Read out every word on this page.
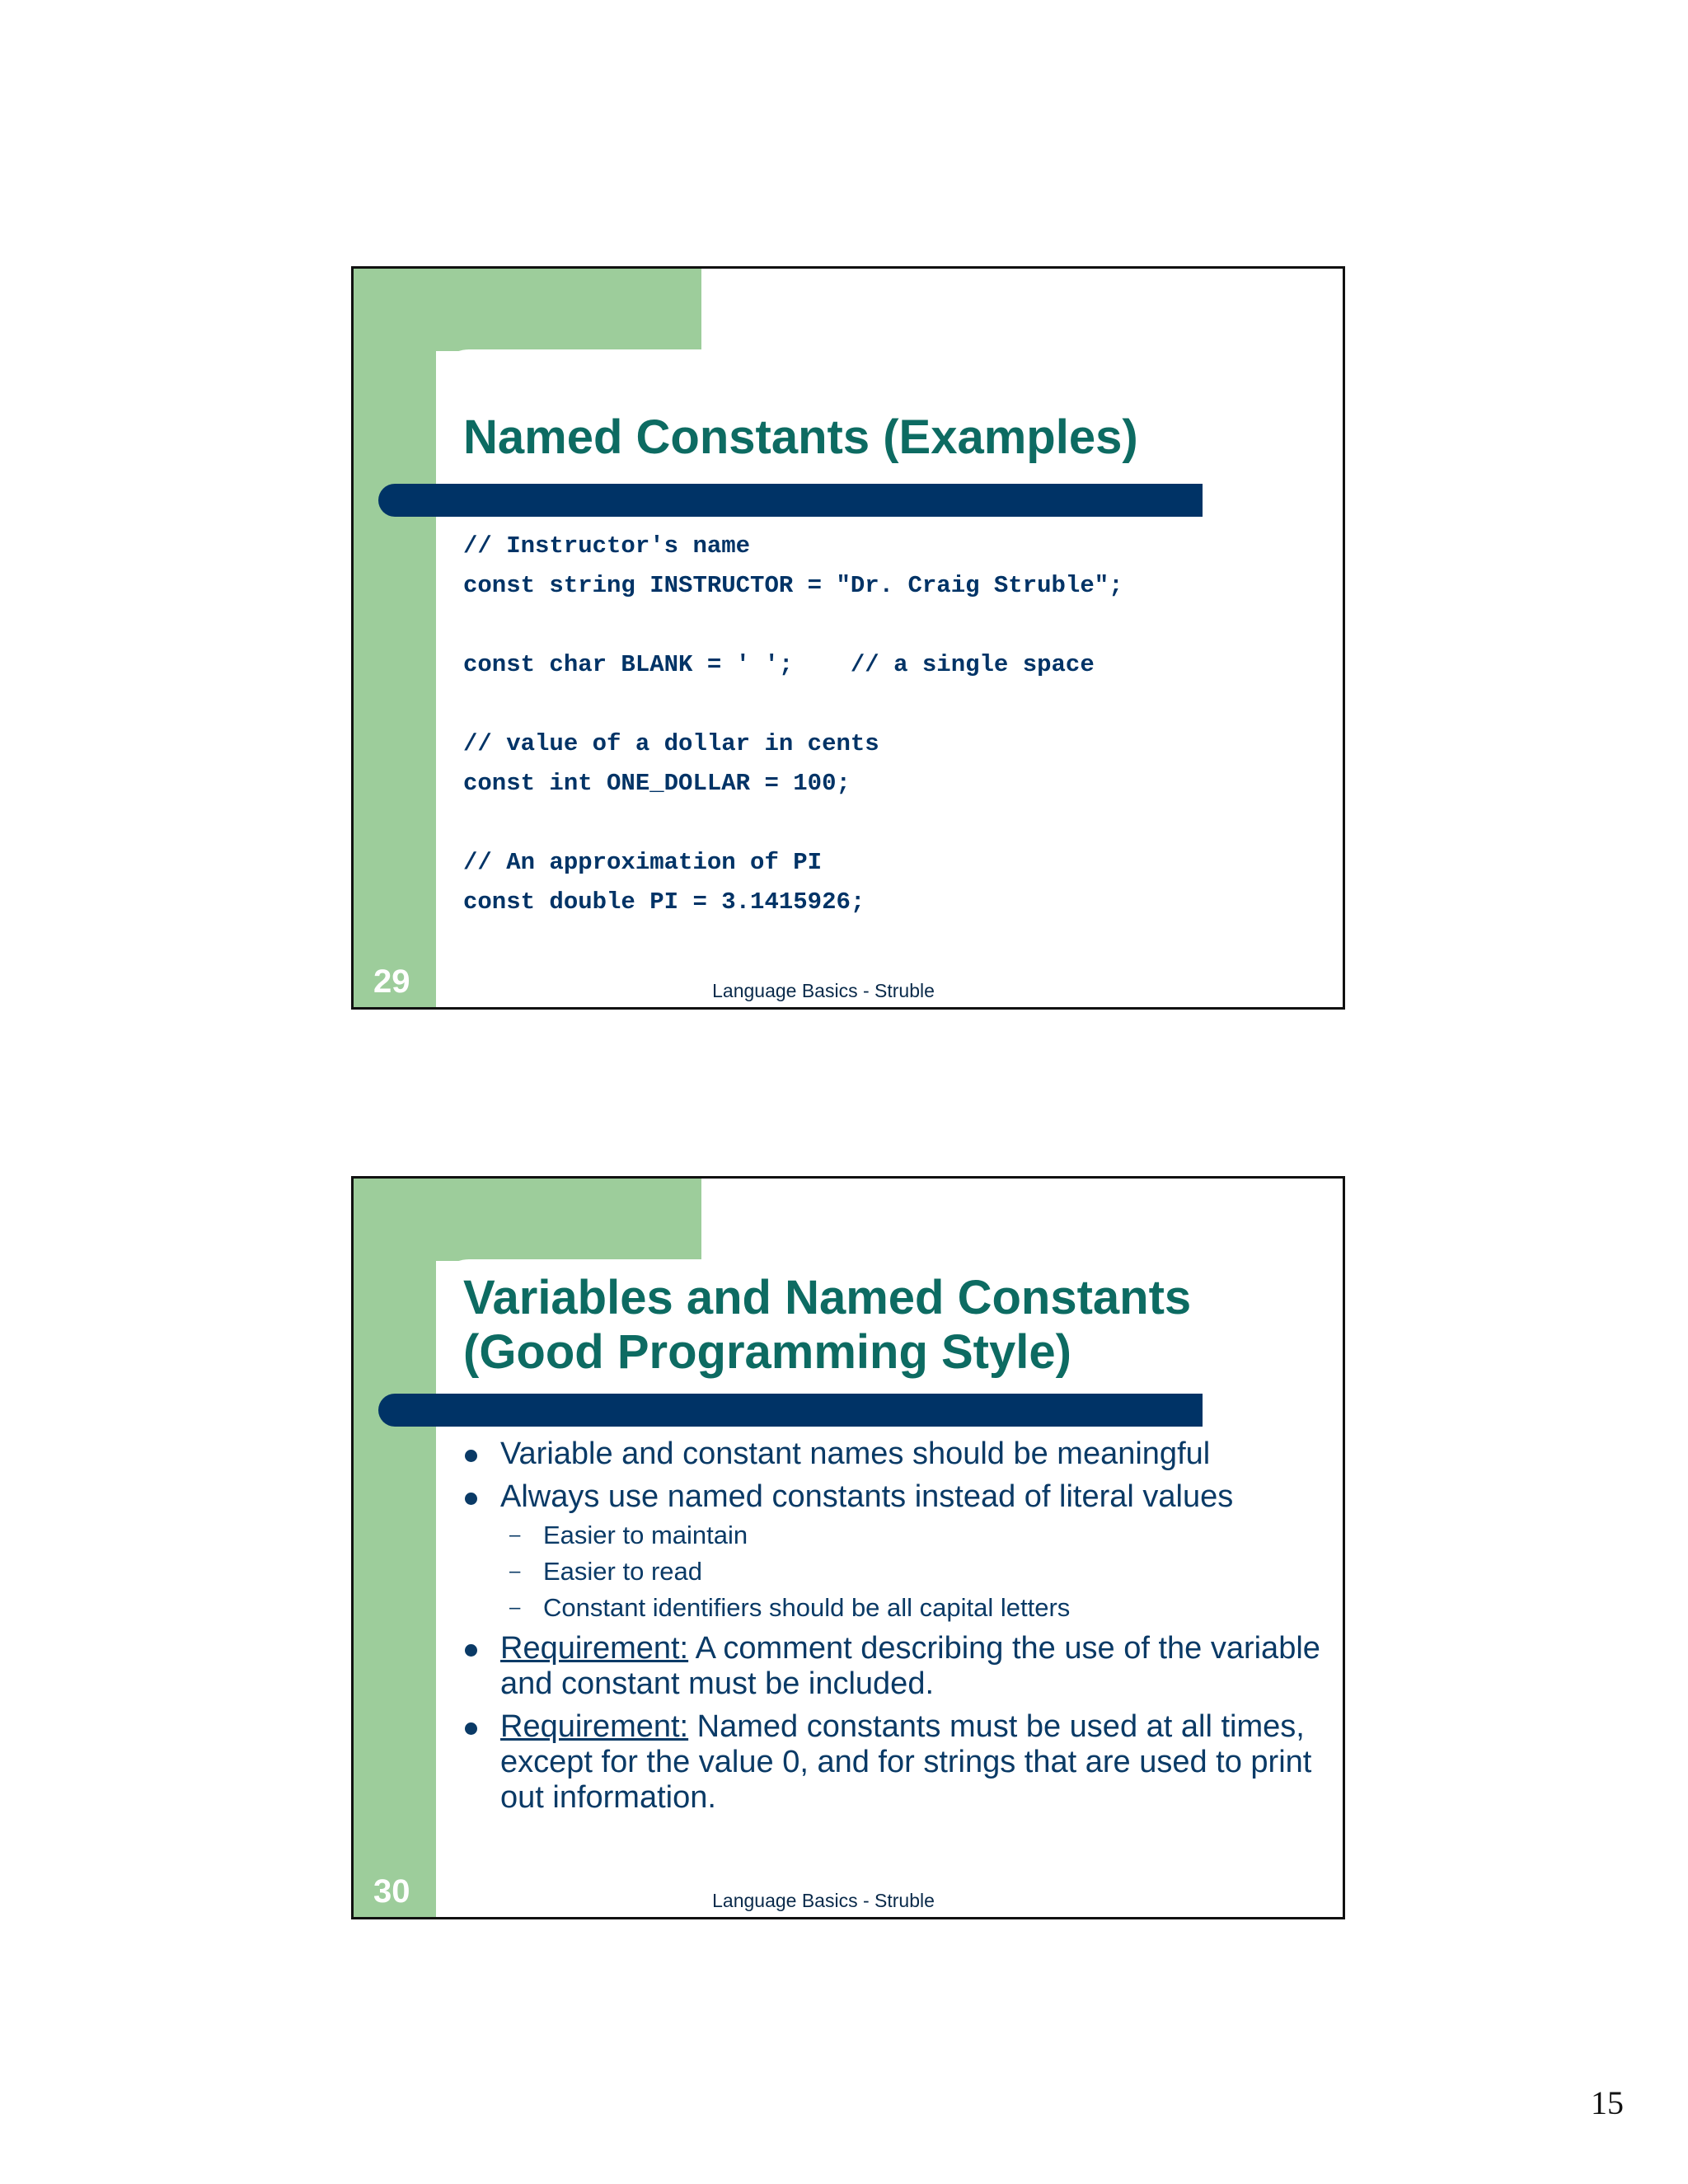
Named Constants (Examples)
// Instructor's name
const string INSTRUCTOR = "Dr. Craig Struble";
const char BLANK = ' ';    // a single space
// value of a dollar in cents
const int ONE_DOLLAR = 100;
// An approximation of PI
const double PI = 3.1415926;
29	Language Basics - Struble
Variables and Named Constants
(Good Programming Style)
Variable and constant names should be meaningful
Always use named constants instead of literal values
– Easier to maintain
– Easier to read
– Constant identifiers should be all capital letters
Requirement: A comment describing the use of the variable and constant must be included.
Requirement: Named constants must be used at all times, except for the value 0, and for strings that are used to print out information.
30	Language Basics - Struble
15
